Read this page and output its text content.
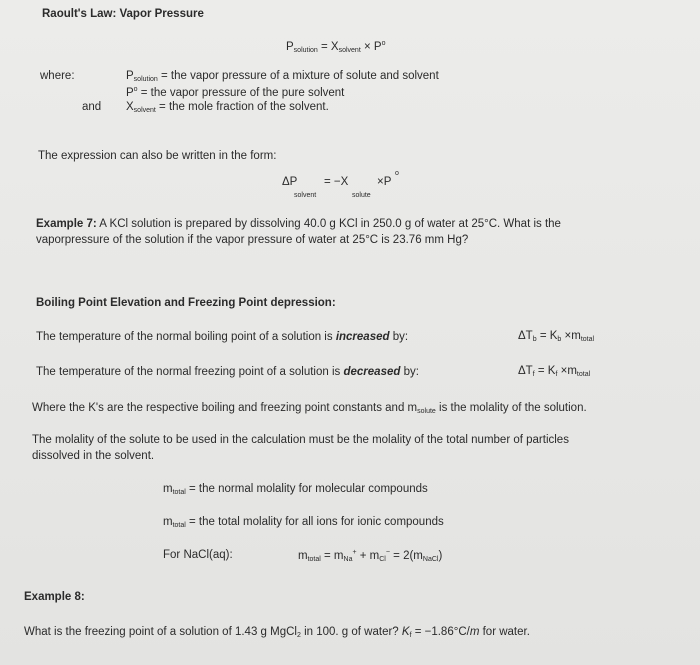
Raoult's Law: Vapor Pressure
$P_{solution} = X_{solvent} \times P^o$
where:	$P_{solution}$ = the vapor pressure of a mixture of solute and solvent
$P^o$ = the vapor pressure of the pure solvent
and $X_{solvent}$ = the mole fraction of the solvent.
The expression can also be written in the form:
ΔP = −X ×P
o
solvent	solute
Example 7: A KCl solution is prepared by dissolving 40.0 g KCl in 250.0 g of water at 25°C. What is the
vaporpressure of the solution if the vapor pressure of water at 25°C is 23.76 mm Hg?
Boiling Point Elevation and Freezing Point depression:
The temperature of the normal boiling point of a solution is increased by:	$\Delta T_b = K_b \times m_{total}$
The temperature of the normal freezing point of a solution is decreased by:	$\Delta T_f = K_f \times m_{total}$
Where the K's are the respective boiling and freezing point constants and $m_{solute}$ is the molality of the solution.
The molality of the solute to be used in the calculation must be the molality of the total number of particles
dissolved in the solvent.
$m_{total}$ = the normal molality for molecular compounds
$m_{total}$ = the total molality for all ions for ionic compounds
For NaCl(aq):	$m_{total} = m_{Na}^+ + m_{Cl}^- = 2(m_{NaCl})$
Example 8:
What is the freezing point of a solution of 1.43 g MgCl$_2$ in 100. g of water? $K_f = -1.86^\circ C/m$ for water.
